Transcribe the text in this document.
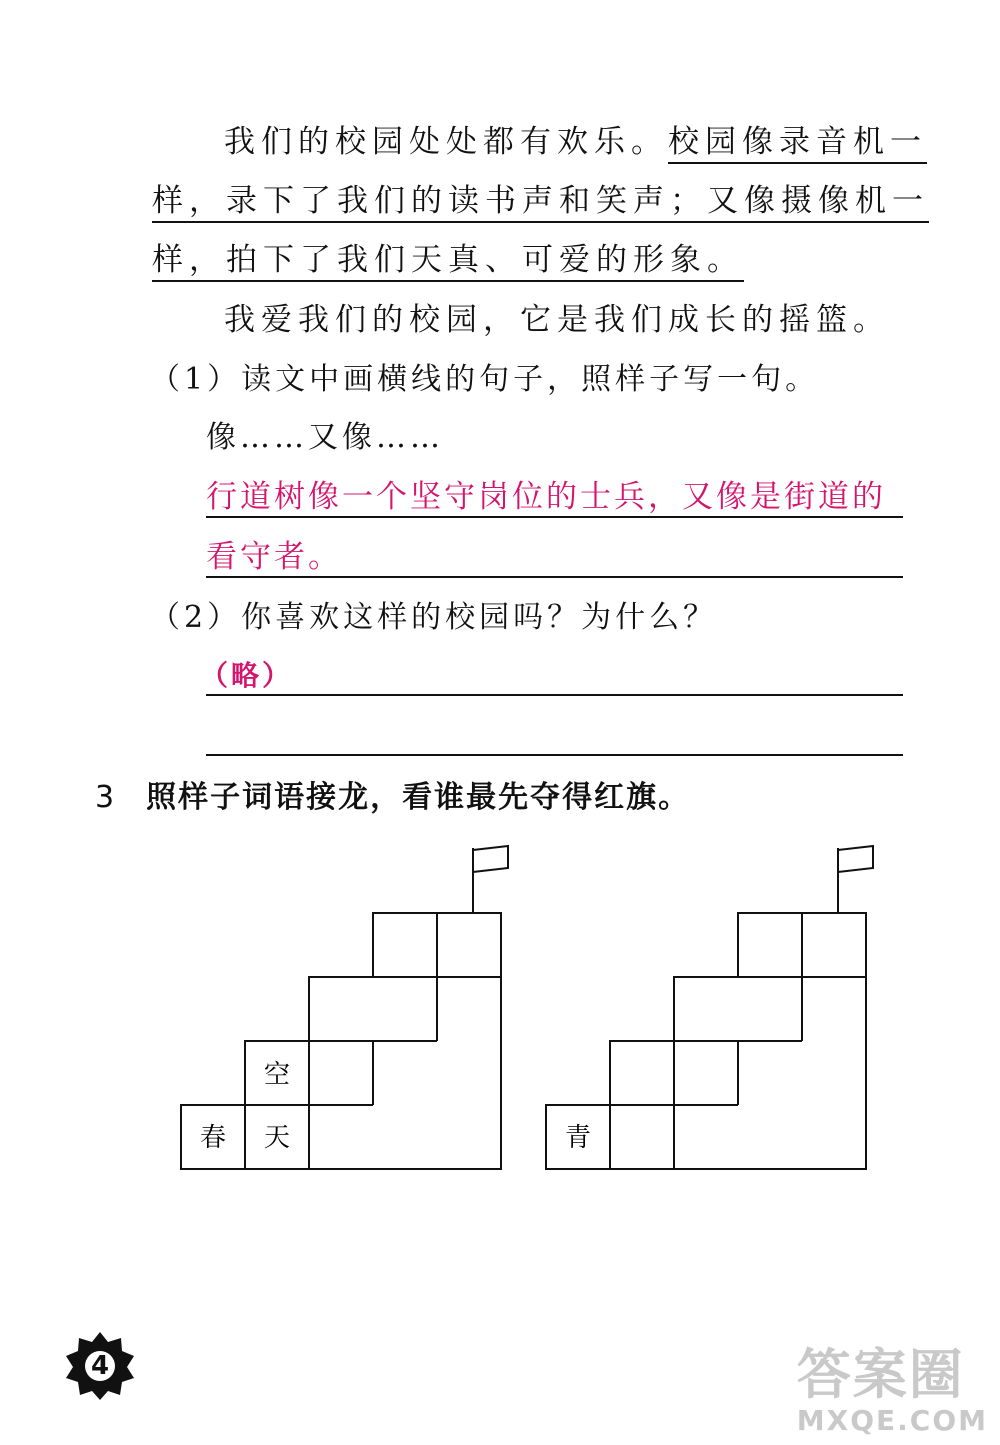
我们的校园处处都有欢乐。校园像录音机一
样，录下了我们的读书声和笑声；又像摄像机一
样，拍下了我们天真、可爱的形象。
我爱我们的校园，它是我们成长的摇篮。
（1）读文中画横线的句子，照样子写一句。
像……又像……
行道树像一个坚守岗位的士兵，又像是街道的
看守者。
（2）你喜欢这样的校园吗？为什么？
（略）
3 照样子词语接龙，看谁最先夺得红旗。
春 天
空
青
4	答案圈
MXQE.COM
